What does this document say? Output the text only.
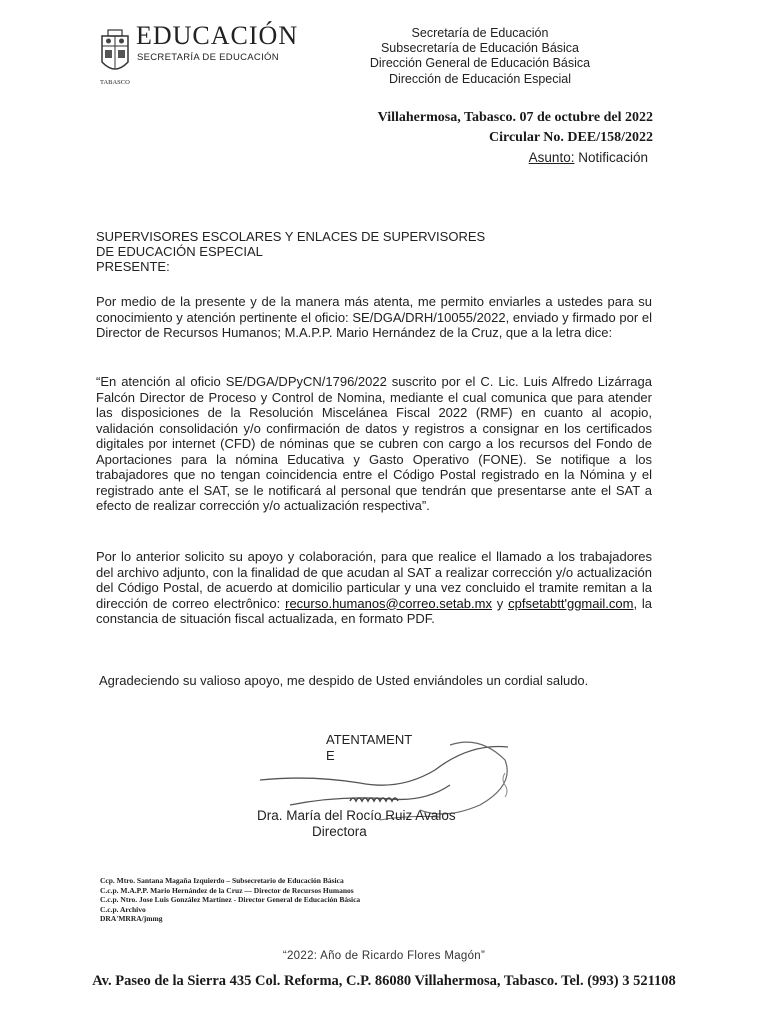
EDUCACIÓN
SECRETARÍA DE EDUCACIÓN
TABASCO
Secretaría de Educación
Subsecretaría de Educación Básica
Dirección General de Educación Básica
Dirección de Educación Especial
Villahermosa, Tabasco. 07 de octubre del 2022
Circular No. DEE/158/2022
Asunto: Notificación
SUPERVISORES ESCOLARES Y ENLACES DE SUPERVISORES
DE EDUCACIÓN ESPECIAL
PRESENTE:
Por medio de la presente y de la manera más atenta, me permito enviarles a ustedes para su conocimiento y atención pertinente el oficio: SE/DGA/DRH/10055/2022, enviado y firmado por el Director de Recursos Humanos; M.A.P.P. Mario Hernández de la Cruz, que a la letra dice:
“En atención al oficio SE/DGA/DPyCN/1796/2022 suscrito por el C. Lic. Luis Alfredo Lizárraga Falcón Director de Proceso y Control de Nomina, mediante el cual comunica que para atender las disposiciones de la Resolución Miscelánea Fiscal 2022 (RMF) en cuanto al acopio, validación consolidación y/o confirmación de datos y registros a consignar en los certificados digitales por internet (CFD) de nóminas que se cubren con cargo a los recursos del Fondo de Aportaciones para la nómina Educativa y Gasto Operativo (FONE). Se notifique a los trabajadores que no tengan coincidencia entre el Código Postal registrado en la Nómina y el registrado ante el SAT, se le notificará al personal que tendrán que presentarse ante el SAT a efecto de realizar corrección y/o actualización respectiva”.
Por lo anterior solicito su apoyo y colaboración, para que realice el llamado a los trabajadores del archivo adjunto, con la finalidad de que acudan al SAT a realizar corrección y/o actualización del Código Postal, de acuerdo at domicilio particular y una vez concluido el tramite remitan a la dirección de correo electrônico: recurso.humanos@correo.setab.mx y cpfsetabtt'ggmail.com, la constancia de situación fiscal actualizada, en formato PDF.
Agradeciendo su valioso apoyo, me despido de Usted enviándoles un cordial saludo.
ATENTAMENT
E
Dra. María del Rocío Ruiz Avalos
Directora
Ccp. Mtro. Santana Magaña Izquierdo – Subsecretario de Educación Básica
C.c.p. M.A.P.P. Mario Hernández de la Cruz — Director de Recursos Humanos
C.c.p. Ntro. Jose Luis González Martínez - Director General de Educación Básica
C.c.p. Archivo
DRA'MRRA/jmmg
“2022: Año de Ricardo Flores Magón”
Av. Paseo de la Sierra 435 Col. Reforma, C.P. 86080 Villahermosa, Tabasco. Tel. (993) 3 521108
